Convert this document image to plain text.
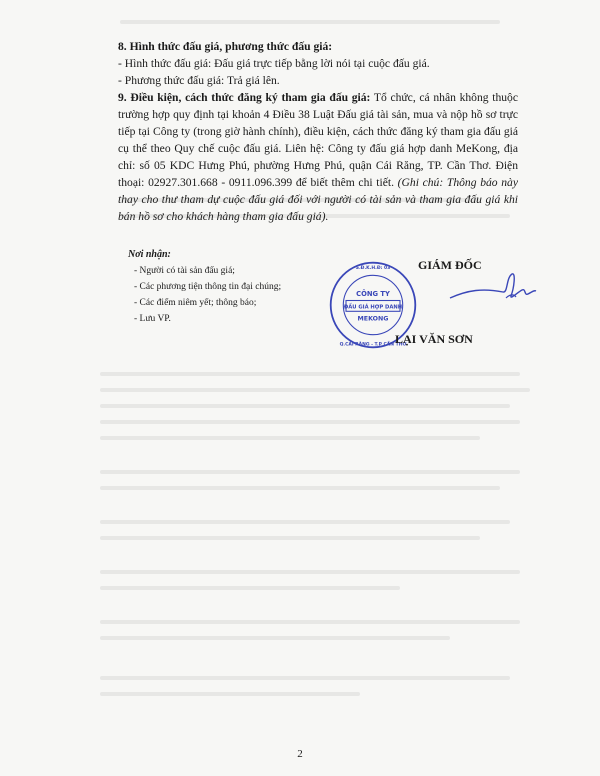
8. Hình thức đấu giá, phương thức đấu giá:

- Hình thức đấu giá: Đấu giá trực tiếp bằng lời nói tại cuộc đấu giá.

- Phương thức đấu giá: Trả giá lên.

9. Điều kiện, cách thức đăng ký tham gia đấu giá: Tổ chức, cá nhân không thuộc trường hợp quy định tại khoản 4 Điều 38 Luật Đấu giá tài sản, mua và nộp hồ sơ trực tiếp tại Công ty (trong giờ hành chính), điều kiện, cách thức đăng ký tham gia đấu giá cụ thể theo Quy chế cuộc đấu giá. Liên hệ: Công ty đấu giá hợp danh MeKong, địa chỉ: số 05 KDC Hưng Phú, phường Hưng Phú, quận Cái Răng, TP. Cần Thơ. Điện thoại: 02927.301.668 - 0911.096.399 để biết thêm chi tiết. (Ghi chú: Thông báo này thay cho thư tham dự cuộc đấu giá đối với người có tài sản và tham gia đấu giá khi bán hồ sơ cho khách hàng tham gia đấu giá).

Nơi nhận:
- Người có tài sản đấu giá;
- Các phương tiện thông tin đại chúng;
- Các điểm niêm yết; thông báo;
- Lưu VP.
CÔNG TY
ĐẤU GIÁ HỢP DANH
MEKONG
S.Đ.K.H.Đ: 03
Q.CÁI RĂNG - T.P CẦN THƠ
GIÁM ĐỐC
LẠI VĂN SƠN
2
